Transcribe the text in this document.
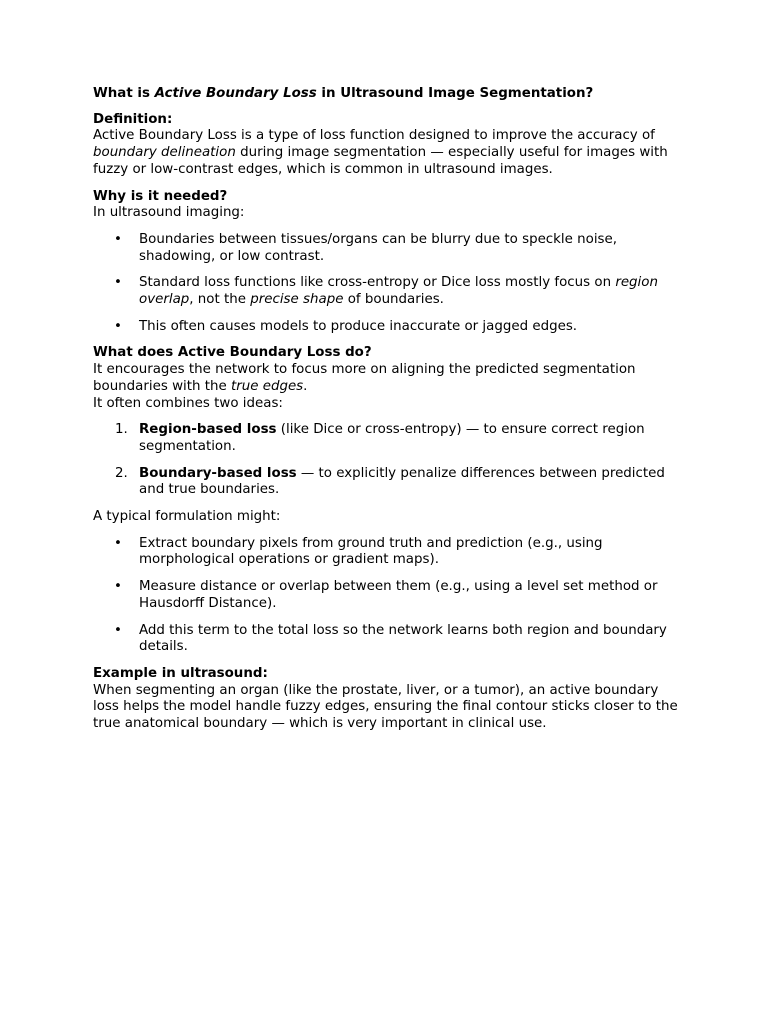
What is Active Boundary Loss in Ultrasound Image Segmentation?

Definition:

Active Boundary Loss is a type of loss function designed to improve the accuracy of boundary delineation during image segmentation — especially useful for images with fuzzy or low-contrast edges, which is common in ultrasound images.

Why is it needed?

In ultrasound imaging:

• Boundaries between tissues/organs can be blurry due to speckle noise, shadowing, or low contrast.
• Standard loss functions like cross-entropy or Dice loss mostly focus on region overlap, not the precise shape of boundaries.
• This often causes models to produce inaccurate or jagged edges.

What does Active Boundary Loss do?

It encourages the network to focus more on aligning the predicted segmentation boundaries with the true edges.

It often combines two ideas:

1. Region-based loss (like Dice or cross-entropy) — to ensure correct region segmentation.
2. Boundary-based loss — to explicitly penalize differences between predicted and true boundaries.

A typical formulation might:

• Extract boundary pixels from ground truth and prediction (e.g., using morphological operations or gradient maps).
• Measure distance or overlap between them (e.g., using a level set method or Hausdorff Distance).
• Add this term to the total loss so the network learns both region and boundary details.

Example in ultrasound:

When segmenting an organ (like the prostate, liver, or a tumor), an active boundary loss helps the model handle fuzzy edges, ensuring the final contour sticks closer to the true anatomical boundary — which is very important in clinical use.
